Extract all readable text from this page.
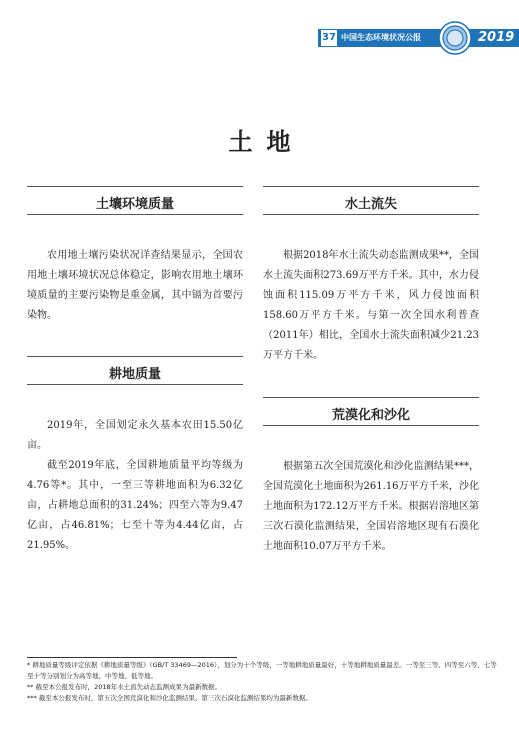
37 中国生态环境状况公报	2019
土地
土壤环境质量

农用地土壤污染状况详查结果显示，全国农用地土壤环境状况总体稳定，影响农用地土壤环境质量的主要污染物是重金属，其中镉为首要污染物。

耕地质量

2019年，全国划定永久基本农田15.50亿亩。

截至2019年底，全国耕地质量平均等级为4.76等*。其中，一至三等耕地面积为6.32亿亩，占耕地总面积的31.24%；四至六等为9.47亿亩，占46.81%；七至十等为4.44亿亩，占21.95%。

水土流失

根据2018年水土流失动态监测成果**，全国水土流失面积273.69万平方千米。其中，水力侵蚀面积115.09万平方千米，风力侵蚀面积158.60万平方千米。与第一次全国水利普查（2011年）相比，全国水土流失面积减少21.23万平方千米。

荒漠化和沙化

根据第五次全国荒漠化和沙化监测结果***，全国荒漠化土地面积为261.16万平方千米，沙化土地面积为172.12万平方千米。根据岩溶地区第三次石漠化监测结果，全国岩溶地区现有石漠化土地面积10.07万平方千米。

* 耕地质量等级评定依据《耕地质量等级》（GB/T 33469—2016），划分为十个等级，一等地耕地质量最好，十等地耕地质量最差。一等至三等、四等至六等、七等至十等分别划分为高等地、中等地、低等地。

** 截至本公报发布时，2018年水土流失动态监测成果为最新数据。

*** 截至本公报发布时，第五次全国荒漠化和沙化监测结果、第三次石漠化监测结果均为最新数据。
